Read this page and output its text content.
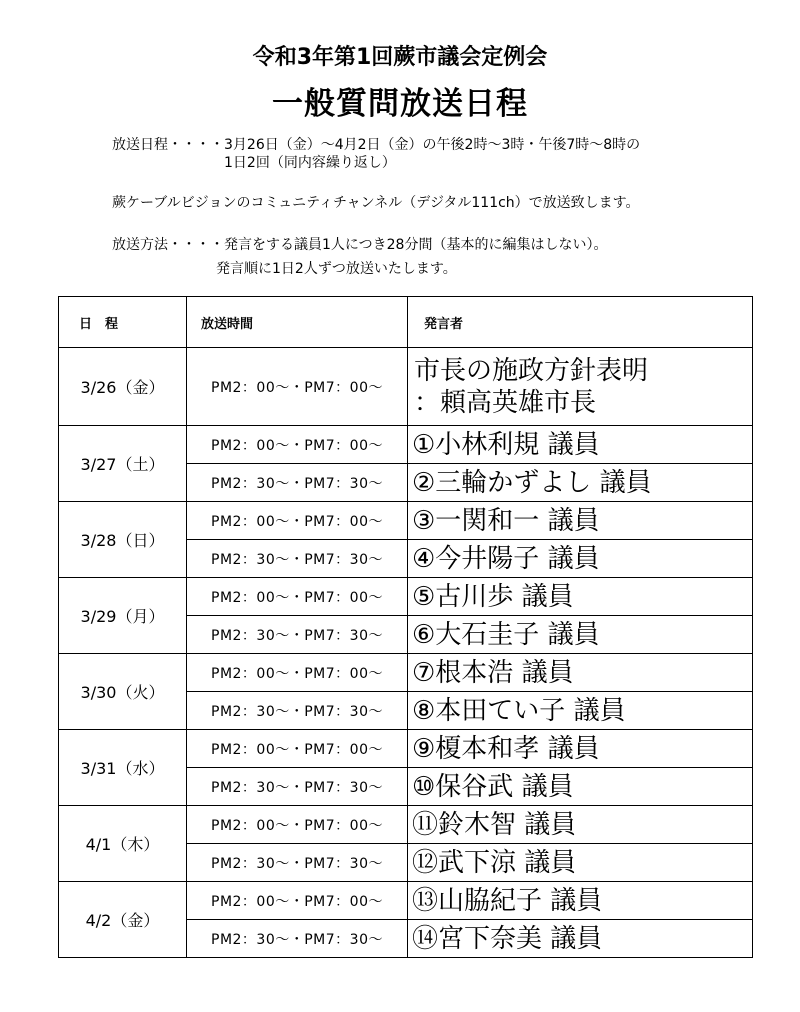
令和3年第1回蕨市議会定例会
一般質問放送日程
放送日程・・・・3月26日（金）～4月2日（金）の午後2時～3時・午後7時～8時の
1日2回（同内容繰り返し）
蕨ケーブルビジョンのコミュニティチャンネル（デジタル111ch）で放送致します。
放送方法・・・・発言をする議員1人につき28分間（基本的に編集はしない）。
発言順に1日2人ずつ放送いたします。
日　程	放送時間	発言者
3/26（金）	PM2：00～・PM7：00～	市長の施政方針表明
：頼高英雄市長

3/27（土）	PM2：00～・PM7：00～	①小林利規 議員
	PM2：30～・PM7：30～	②三輪かずよし 議員
3/28（日）	PM2：00～・PM7：00～	③一関和一 議員
	PM2：30～・PM7：30～	④今井陽子 議員
3/29（月）	PM2：00～・PM7：00～	⑤古川歩 議員
	PM2：30～・PM7：30～	⑥大石圭子 議員
3/30（火）	PM2：00～・PM7：00～	⑦根本浩 議員
	PM2：30～・PM7：30～	⑧本田てい子 議員
3/31（水）	PM2：00～・PM7：00～	⑨榎本和孝 議員
	PM2：30～・PM7：30～	⑩保谷武 議員
4/1（木）	PM2：00～・PM7：00～	⑪鈴木智 議員
	PM2：30～・PM7：30～	⑫武下涼 議員
4/2（金）	PM2：00～・PM7：00～	⑬山脇紀子 議員
	PM2：30～・PM7：30～	⑭宮下奈美 議員
